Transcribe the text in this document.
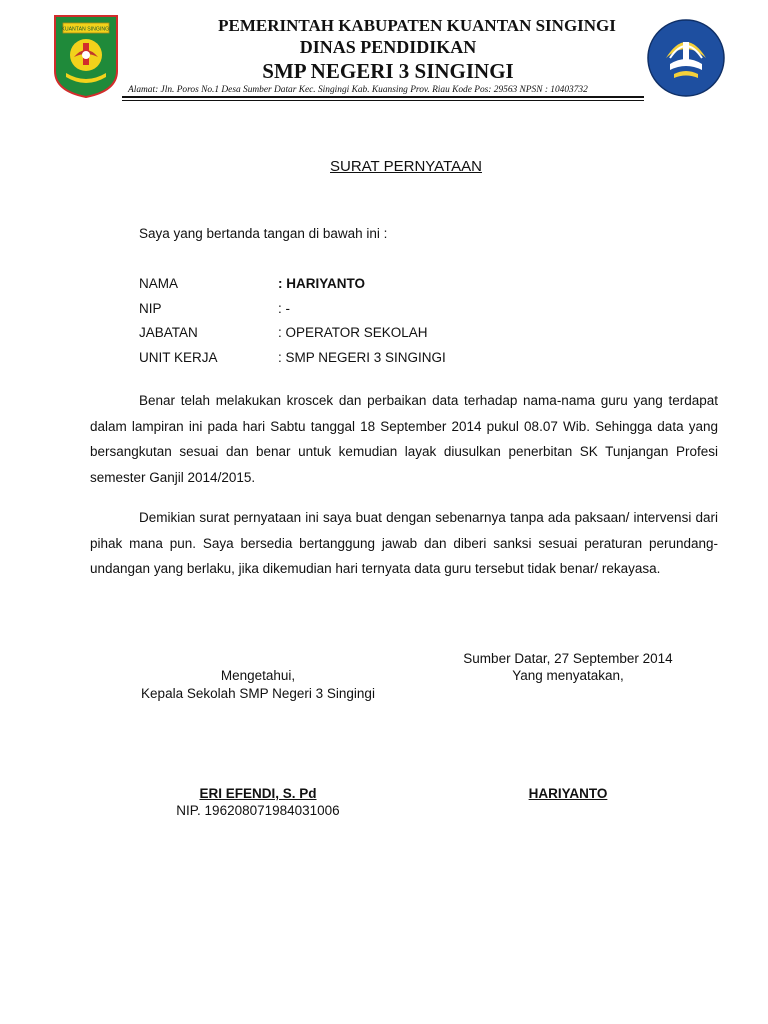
KUANTAN SINGINGI	PEMERINTAH KABUPATEN KUANTAN SINGINGI
DINAS PENDIDIKAN
SMP NEGERI 3 SINGINGI
Alamat: Jln. Poros No.1 Desa Sumber Datar Kec. Singingi Kab. Kuansing Prov. Riau Kode Pos: 29563 NPSN : 10403732
SURAT PERNYATAAN
Saya yang bertanda tangan di bawah ini :
NAMA	: HARIYANTO
NIP	: -
JABATAN	: OPERATOR SEKOLAH
UNIT KERJA	: SMP NEGERI 3 SINGINGI
Benar telah melakukan kroscek dan perbaikan data terhadap nama-nama guru yang terdapat dalam lampiran ini pada hari Sabtu tanggal 18 September 2014 pukul 08.07 Wib. Sehingga data yang bersangkutan sesuai dan benar untuk kemudian layak diusulkan penerbitan SK Tunjangan Profesi semester Ganjil 2014/2015.
Demikian surat pernyataan ini saya buat dengan sebenarnya tanpa ada paksaan/ intervensi dari pihak mana pun. Saya bersedia bertanggung jawab dan diberi sanksi sesuai peraturan perundang-undangan yang berlaku, jika dikemudian hari ternyata data guru tersebut tidak benar/ rekayasa.
Sumber Datar, 27 September 2014
Yang menyatakan,
Mengetahui,
Kepala Sekolah SMP Negeri 3 Singingi
ERI EFENDI, S. Pd
NIP. 196208071984031006
HARIYANTO
